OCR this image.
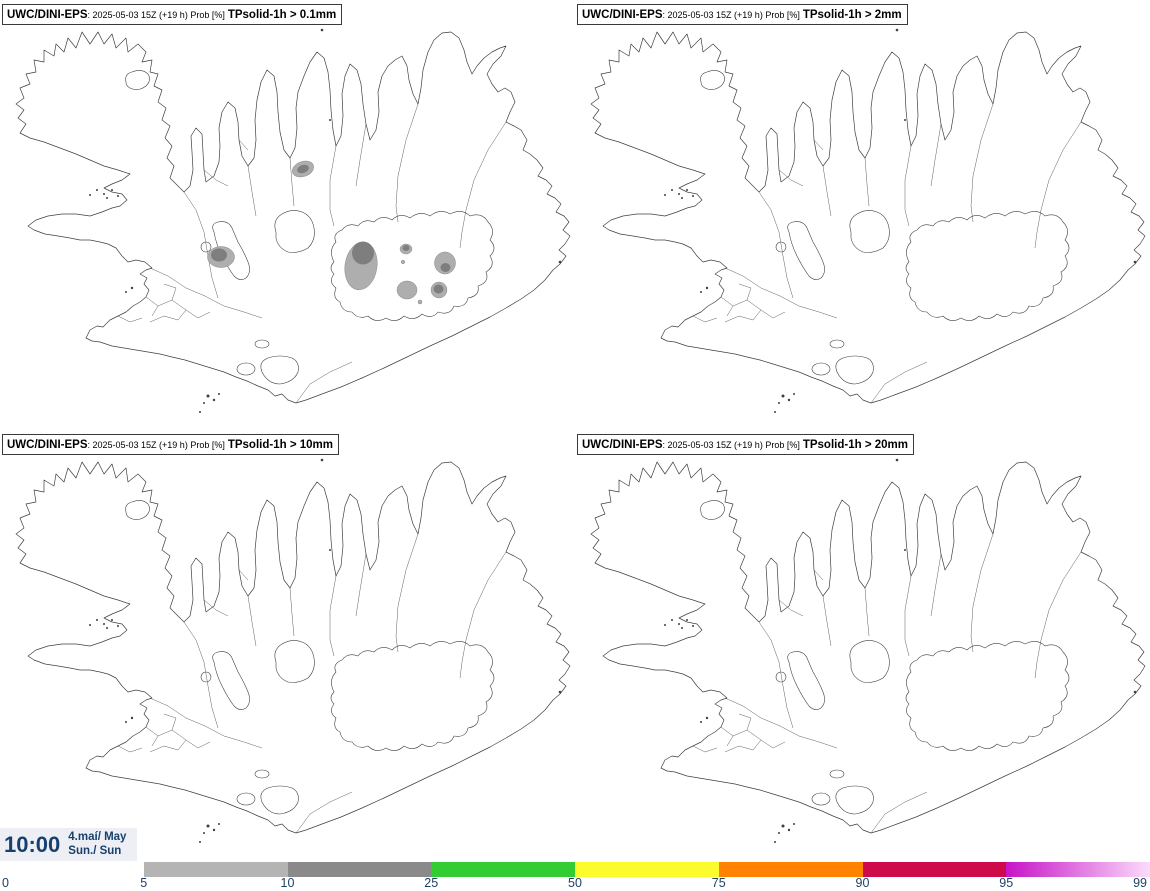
UWC/DINI-EPS: 2025-05-03 15Z (+19 h) Prob [%] TPsolid-1h > 0.1mm	UWC/DINI-EPS: 2025-05-03 15Z (+19 h) Prob [%] TPsolid-1h > 2mm
UWC/DINI-EPS: 2025-05-03 15Z (+19 h) Prob [%] TPsolid-1h > 10mm	UWC/DINI-EPS: 2025-05-03 15Z (+19 h) Prob [%] TPsolid-1h > 20mm
10:00 4.maí/ May
Sun./ Sun
0	5	10	25	50	75	90	95	99
